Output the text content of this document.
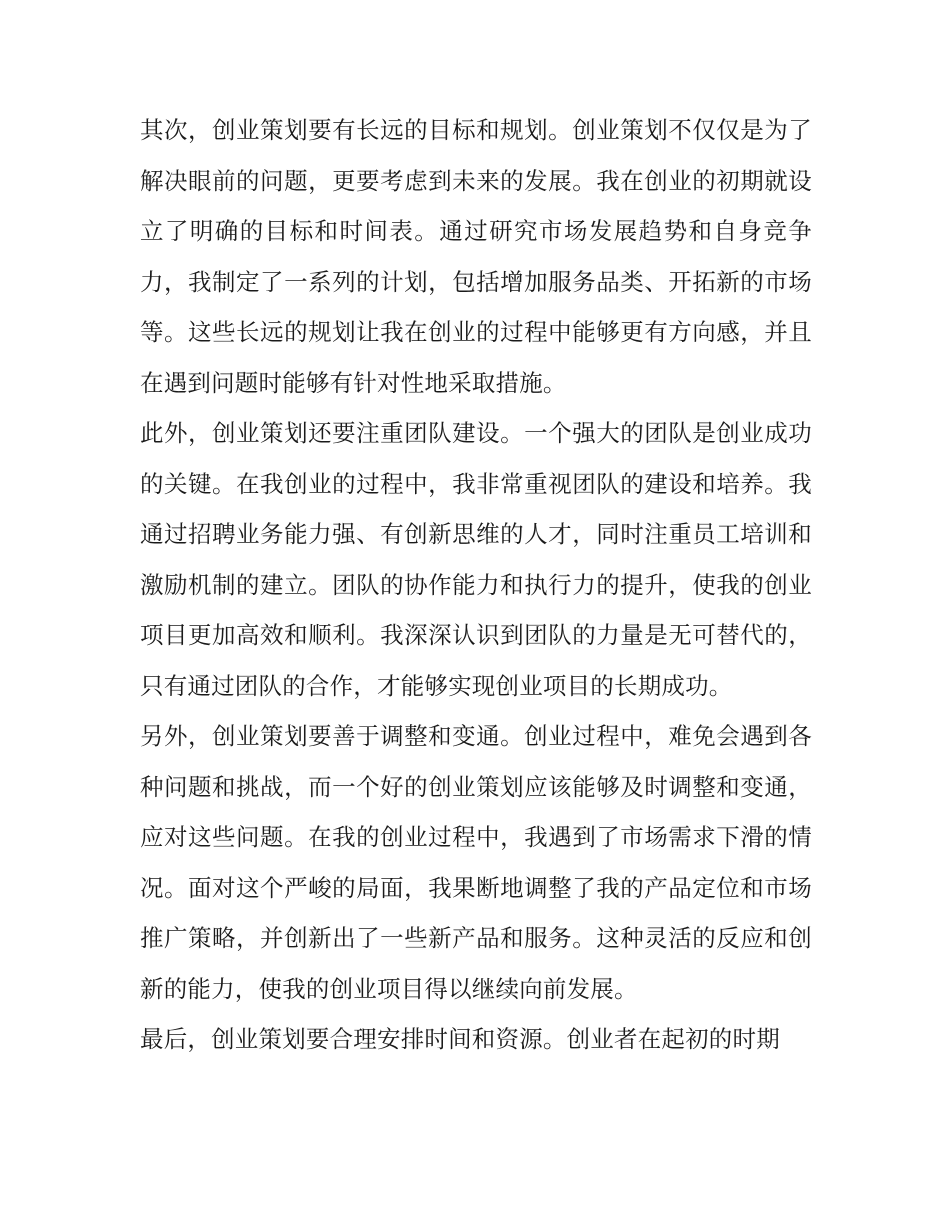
其次，创业策划要有长远的目标和规划。创业策划不仅仅是为了解决眼前的问题，更要考虑到未来的发展。我在创业的初期就设立了明确的目标和时间表。通过研究市场发展趋势和自身竞争力，我制定了一系列的计划，包括增加服务品类、开拓新的市场等。这些长远的规划让我在创业的过程中能够更有方向感，并且在遇到问题时能够有针对性地采取措施。

此外，创业策划还要注重团队建设。一个强大的团队是创业成功的关键。在我创业的过程中，我非常重视团队的建设和培养。我通过招聘业务能力强、有创新思维的人才，同时注重员工培训和激励机制的建立。团队的协作能力和执行力的提升，使我的创业项目更加高效和顺利。我深深认识到团队的力量是无可替代的，只有通过团队的合作，才能够实现创业项目的长期成功。

另外，创业策划要善于调整和变通。创业过程中，难免会遇到各种问题和挑战，而一个好的创业策划应该能够及时调整和变通，应对这些问题。在我的创业过程中，我遇到了市场需求下滑的情况。面对这个严峻的局面，我果断地调整了我的产品定位和市场推广策略，并创新出了一些新产品和服务。这种灵活的反应和创新的能力，使我的创业项目得以继续向前发展。

最后，创业策划要合理安排时间和资源。创业者在起初的时期
